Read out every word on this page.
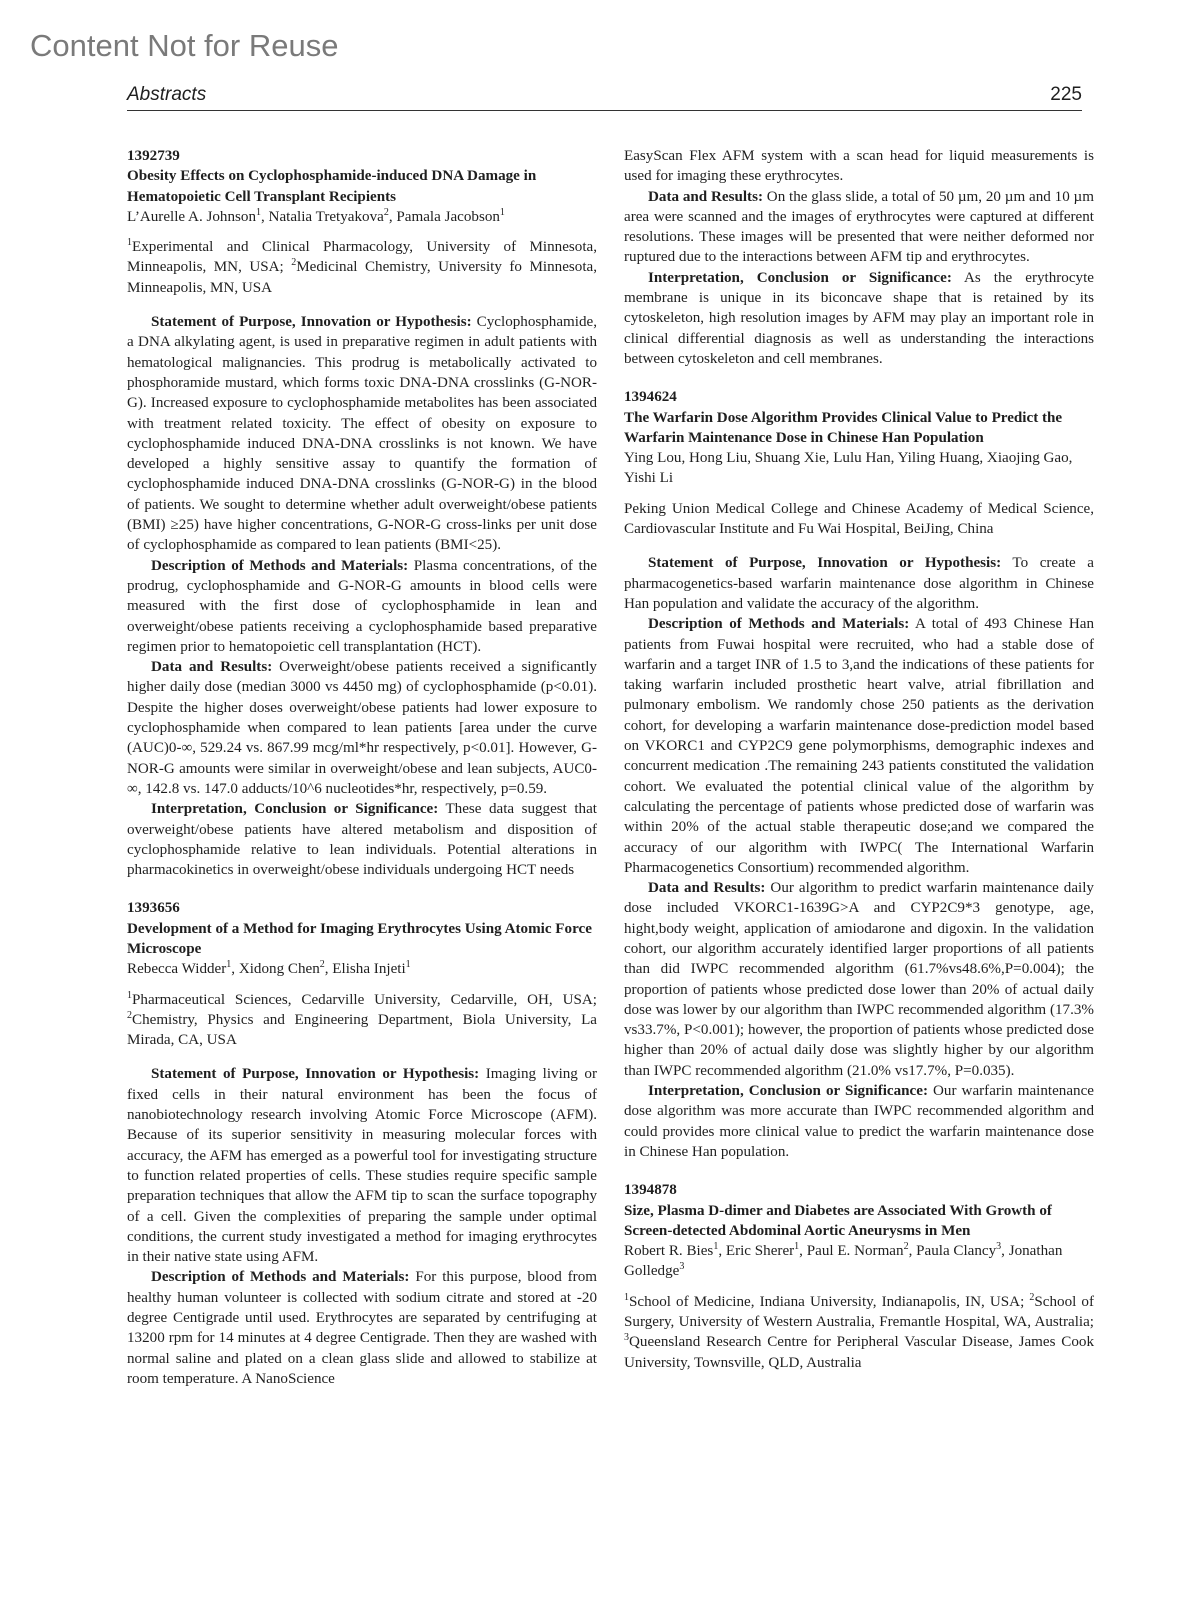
Content Not for Reuse
Abstracts	225

1392739

Obesity Effects on Cyclophosphamide-induced DNA Damage in Hematopoietic Cell Transplant Recipients

L’Aurelle A. Johnson$^1$, Natalia Tretyakova$^2$, Pamala Jacobson$^1$

$^1$Experimental and Clinical Pharmacology, University of Minnesota, Minneapolis, MN, USA; $^2$Medicinal Chemistry, University fo Minnesota, Minneapolis, MN, USA

Statement of Purpose, Innovation or Hypothesis: Cyclophosphamide, a DNA alkylating agent, is used in preparative regimen in adult patients with hematological malignancies. This prodrug is metabolically activated to phosphoramide mustard, which forms toxic DNA-DNA crosslinks (G-NOR-G). Increased exposure to cyclophosphamide metabolites has been associated with treatment related toxicity. The effect of obesity on exposure to cyclophosphamide induced DNA-DNA crosslinks is not known. We have developed a highly sensitive assay to quantify the formation of cyclophosphamide induced DNA-DNA crosslinks (G-NOR-G) in the blood of patients. We sought to determine whether adult overweight/obese patients (BMI) ≥25) have higher concentrations, G-NOR-G cross-links per unit dose of cyclophosphamide as compared to lean patients (BMI<25).

Description of Methods and Materials: Plasma concentrations, of the prodrug, cyclophosphamide and G-NOR-G amounts in blood cells were measured with the first dose of cyclophosphamide in lean and overweight/obese patients receiving a cyclophosphamide based preparative regimen prior to hematopoietic cell transplantation (HCT).

Data and Results: Overweight/obese patients received a significantly higher daily dose (median 3000 vs 4450 mg) of cyclophosphamide (p<0.01). Despite the higher doses overweight/obese patients had lower exposure to cyclophosphamide when compared to lean patients [area under the curve (AUC)0-∞, 529.24 vs. 867.99 mcg/ml*hr respectively, p<0.01]. However, G-NOR-G amounts were similar in overweight/obese and lean subjects, AUC0-∞, 142.8 vs. 147.0 adducts/10^6 nucleotides*hr, respectively, p=0.59.

Interpretation, Conclusion or Significance: These data suggest that overweight/obese patients have altered metabolism and disposition of cyclophosphamide relative to lean individuals. Potential alterations in pharmacokinetics in overweight/obese individuals undergoing HCT needs

1393656

Development of a Method for Imaging Erythrocytes Using Atomic Force Microscope

Rebecca Widder$^1$, Xidong Chen$^2$, Elisha Injeti$^1$

$^1$Pharmaceutical Sciences, Cedarville University, Cedarville, OH, USA; $^2$Chemistry, Physics and Engineering Department, Biola University, La Mirada, CA, USA

Statement of Purpose, Innovation or Hypothesis: Imaging living or fixed cells in their natural environment has been the focus of nanobiotechnology research involving Atomic Force Microscope (AFM). Because of its superior sensitivity in measuring molecular forces with accuracy, the AFM has emerged as a powerful tool for investigating structure to function related properties of cells. These studies require specific sample preparation techniques that allow the AFM tip to scan the surface topography of a cell. Given the complexities of preparing the sample under optimal conditions, the current study investigated a method for imaging erythrocytes in their native state using AFM.

Description of Methods and Materials: For this purpose, blood from healthy human volunteer is collected with sodium citrate and stored at -20 degree Centigrade until used. Erythrocytes are separated by centrifuging at 13200 rpm for 14 minutes at 4 degree Centigrade. Then they are washed with normal saline and plated on a clean glass slide and allowed to stabilize at room temperature. A NanoScience

EasyScan Flex AFM system with a scan head for liquid measurements is used for imaging these erythrocytes.

Data and Results: On the glass slide, a total of 50 µm, 20 µm and 10 µm area were scanned and the images of erythrocytes were captured at different resolutions. These images will be presented that were neither deformed nor ruptured due to the interactions between AFM tip and erythrocytes.

Interpretation, Conclusion or Significance: As the erythrocyte membrane is unique in its biconcave shape that is retained by its cytoskeleton, high resolution images by AFM may play an important role in clinical differential diagnosis as well as understanding the interactions between cytoskeleton and cell membranes.

1394624

The Warfarin Dose Algorithm Provides Clinical Value to Predict the Warfarin Maintenance Dose in Chinese Han Population

Ying Lou, Hong Liu, Shuang Xie, Lulu Han, Yiling Huang, Xiaojing Gao, Yishi Li

Peking Union Medical College and Chinese Academy of Medical Science, Cardiovascular Institute and Fu Wai Hospital, BeiJing, China

Statement of Purpose, Innovation or Hypothesis: To create a pharmacogenetics-based warfarin maintenance dose algorithm in Chinese Han population and validate the accuracy of the algorithm.

Description of Methods and Materials: A total of 493 Chinese Han patients from Fuwai hospital were recruited, who had a stable dose of warfarin and a target INR of 1.5 to 3,and the indications of these patients for taking warfarin included prosthetic heart valve, atrial fibrillation and pulmonary embolism. We randomly chose 250 patients as the derivation cohort, for developing a warfarin maintenance dose-prediction model based on VKORC1 and CYP2C9 gene polymorphisms, demographic indexes and concurrent medication .The remaining 243 patients constituted the validation cohort. We evaluated the potential clinical value of the algorithm by calculating the percentage of patients whose predicted dose of warfarin was within 20% of the actual stable therapeutic dose;and we compared the accuracy of our algorithm with IWPC( The International Warfarin Pharmacogenetics Consortium) recommended algorithm.

Data and Results: Our algorithm to predict warfarin maintenance daily dose included VKORC1-1639G>A and CYP2C9*3 genotype, age, hight,body weight, application of amiodarone and digoxin. In the validation cohort, our algorithm accurately identified larger proportions of all patients than did IWPC recommended algorithm (61.7%vs48.6%,P=0.004); the proportion of patients whose predicted dose lower than 20% of actual daily dose was lower by our algorithm than IWPC recommended algorithm (17.3% vs33.7%, P<0.001); however, the proportion of patients whose predicted dose higher than 20% of actual daily dose was slightly higher by our algorithm than IWPC recommended algorithm (21.0% vs17.7%, P=0.035).

Interpretation, Conclusion or Significance: Our warfarin maintenance dose algorithm was more accurate than IWPC recommended algorithm and could provides more clinical value to predict the warfarin maintenance dose in Chinese Han population.

1394878

Size, Plasma D-dimer and Diabetes are Associated With Growth of Screen-detected Abdominal Aortic Aneurysms in Men

Robert R. Bies$^1$, Eric Sherer$^1$, Paul E. Norman$^2$, Paula Clancy$^3$, Jonathan Golledge$^3$

$^1$School of Medicine, Indiana University, Indianapolis, IN, USA; $^2$School of Surgery, University of Western Australia, Fremantle Hospital, WA, Australia; $^3$Queensland Research Centre for Peripheral Vascular Disease, James Cook University, Townsville, QLD, Australia
